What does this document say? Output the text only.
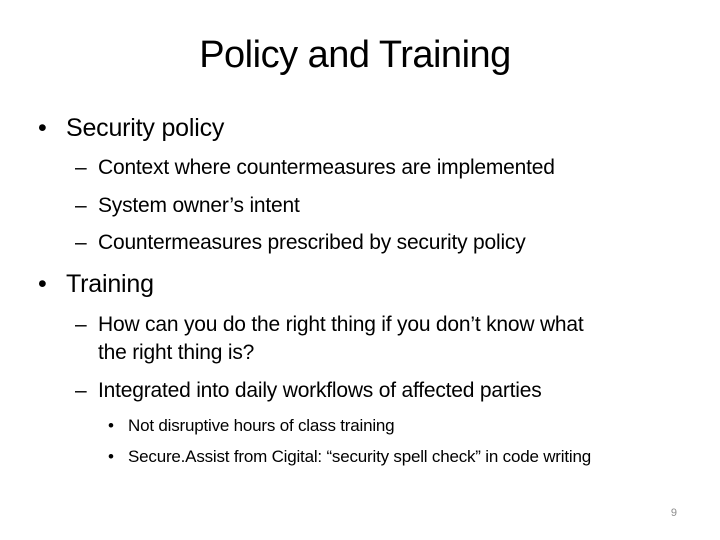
Policy and Training
• Security policy
– Context where countermeasures are implemented
– System owner’s intent
– Countermeasures prescribed by security policy
• Training
– How can you do the right thing if you don’t know what
the right thing is?
– Integrated into daily workflows of affected parties
• Not disruptive hours of class training
• Secure.Assist from Cigital: “security spell check” in code writing
9
